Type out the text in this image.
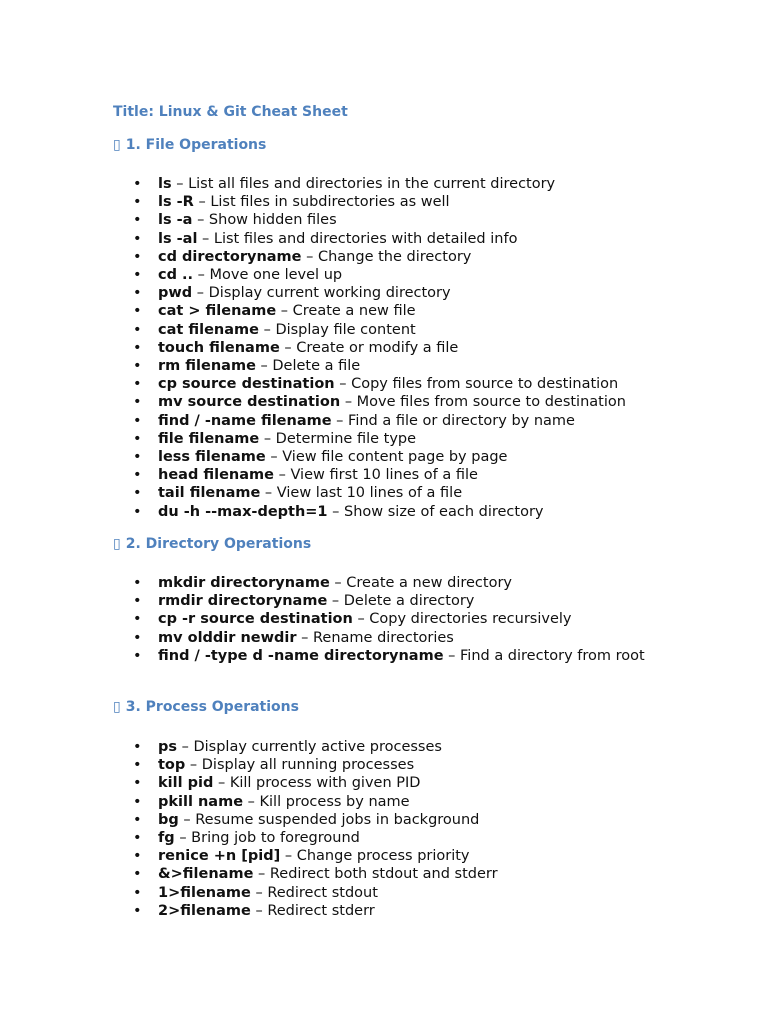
Title: Linux & Git Cheat Sheet
▯ 1. File Operations
• ls – List all files and directories in the current directory
• ls -R – List files in subdirectories as well
• ls -a – Show hidden files
• ls -al – List files and directories with detailed info
• cd directoryname – Change the directory
• cd .. – Move one level up
• pwd – Display current working directory
• cat > filename – Create a new file
• cat filename – Display file content
• touch filename – Create or modify a file
• rm filename – Delete a file
• cp source destination – Copy files from source to destination
• mv source destination – Move files from source to destination
• find / -name filename – Find a file or directory by name
• file filename – Determine file type
• less filename – View file content page by page
• head filename – View first 10 lines of a file
• tail filename – View last 10 lines of a file
• du -h --max-depth=1 – Show size of each directory
▯ 2. Directory Operations
• mkdir directoryname – Create a new directory
• rmdir directoryname – Delete a directory
• cp -r source destination – Copy directories recursively
• mv olddir newdir – Rename directories
• find / -type d -name directoryname – Find a directory from root
▯ 3. Process Operations
• ps – Display currently active processes
• top – Display all running processes
• kill pid – Kill process with given PID
• pkill name – Kill process by name
• bg – Resume suspended jobs in background
• fg – Bring job to foreground
• renice +n [pid] – Change process priority
• &>filename – Redirect both stdout and stderr
• 1>filename – Redirect stdout
• 2>filename – Redirect stderr
